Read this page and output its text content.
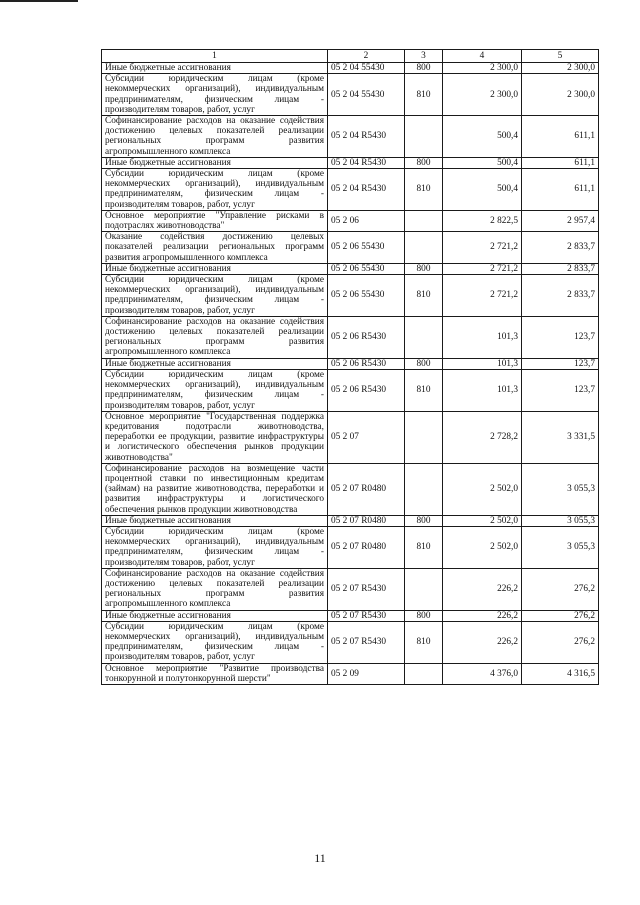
1	2	3	4	5
Иные бюджетные ассигнования	05 2 04 55430	800	2 300,0	2 300,0
Субсидии юридическим лицам (кроме некоммерческих организаций), индивидуальным предпринимателям, физическим лицам - производителям товаров, работ, услуг	05 2 04 55430	810	2 300,0	2 300,0
Софинансирование расходов на оказание содействия достижению целевых показателей реализации региональных программ развития агропромышленного комплекса	05 2 04 R5430		500,4	611,1
Иные бюджетные ассигнования	05 2 04 R5430	800	500,4	611,1
Субсидии юридическим лицам (кроме некоммерческих организаций), индивидуальным предпринимателям, физическим лицам - производителям товаров, работ, услуг	05 2 04 R5430	810	500,4	611,1
Основное мероприятие "Управление рисками в подотраслях животноводства"	05 2 06		2 822,5	2 957,4
Оказание содействия достижению целевых показателей реализации региональных программ развития агропромышленного комплекса	05 2 06 55430		2 721,2	2 833,7
Иные бюджетные ассигнования	05 2 06 55430	800	2 721,2	2 833,7
Субсидии юридическим лицам (кроме некоммерческих организаций), индивидуальным предпринимателям, физическим лицам - производителям товаров, работ, услуг	05 2 06 55430	810	2 721,2	2 833,7
Софинансирование расходов на оказание содействия достижению целевых показателей реализации региональных программ развития агропромышленного комплекса	05 2 06 R5430		101,3	123,7
Иные бюджетные ассигнования	05 2 06 R5430	800	101,3	123,7
Субсидии юридическим лицам (кроме некоммерческих организаций), индивидуальным предпринимателям, физическим лицам - производителям товаров, работ, услуг	05 2 06 R5430	810	101,3	123,7
Основное мероприятие "Государственная поддержка кредитования подотрасли животноводства, переработки ее продукции, развитие инфраструктуры и логистического обеспечения рынков продукции животноводства"	05 2 07		2 728,2	3 331,5
Софинансирование расходов на возмещение части процентной ставки по инвестиционным кредитам (займам) на развитие животноводства, переработки и развития инфраструктуры и логистического обеспечения рынков продукции животноводства	05 2 07 R0480		2 502,0	3 055,3
Иные бюджетные ассигнования	05 2 07 R0480	800	2 502,0	3 055,3
Субсидии юридическим лицам (кроме некоммерческих организаций), индивидуальным предпринимателям, физическим лицам - производителям товаров, работ, услуг	05 2 07 R0480	810	2 502,0	3 055,3
Софинансирование расходов на оказание содействия достижению целевых показателей реализации региональных программ развития агропромышленного комплекса	05 2 07 R5430		226,2	276,2
Иные бюджетные ассигнования	05 2 07 R5430	800	226,2	276,2
Субсидии юридическим лицам (кроме некоммерческих организаций), индивидуальным предпринимателям, физическим лицам - производителям товаров, работ, услуг	05 2 07 R5430	810	226,2	276,2
Основное мероприятие "Развитие производства тонкорунной и полутонкорунной шерсти"	05 2 09		4 376,0	4 316,5
11
